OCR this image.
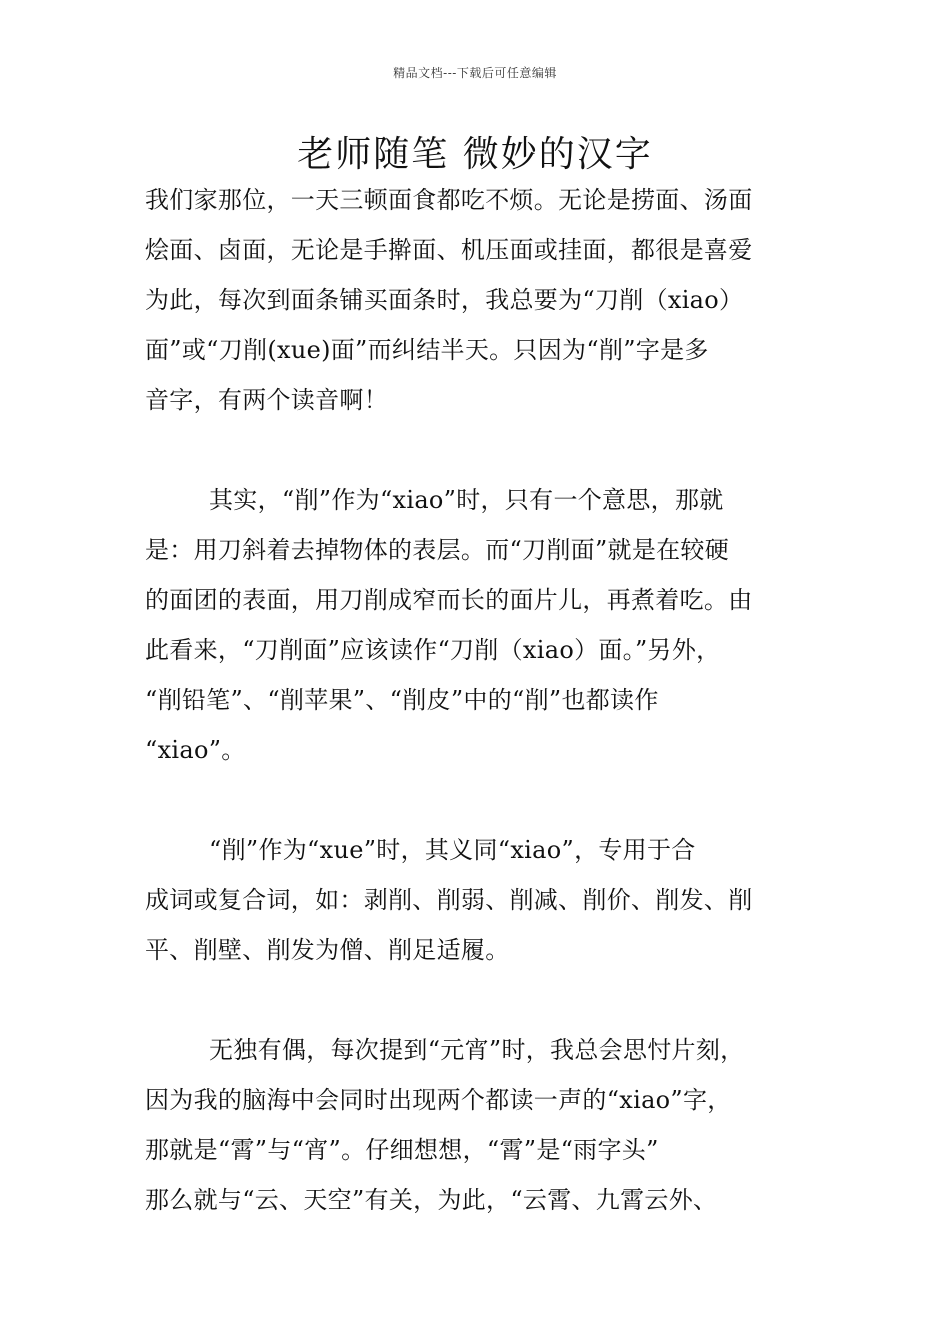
精品文档---下载后可任意编辑
老师随笔 微妙的汉字
我们家那位，一天三顿面食都吃不烦。无论是捞面、汤面
烩面、卤面，无论是手擀面、机压面或挂面，都很是喜爱
为此，每次到面条铺买面条时，我总要为“刀削（xiao）
面”或“刀削(xue)面”而纠结半天。只因为“削”字是多
音字，有两个读音啊！
其实，“削”作为“xiao”时，只有一个意思，那就
是：用刀斜着去掉物体的表层。而“刀削面”就是在较硬
的面团的表面，用刀削成窄而长的面片儿，再煮着吃。由
此看来，“刀削面”应该读作“刀削（xiao）面。”另外，
“削铅笔”、“削苹果”、“削皮”中的“削”也都读作
“xiao”。
“削”作为“xue”时，其义同“xiao”，专用于合
成词或复合词，如：剥削、削弱、削减、削价、削发、削
平、削壁、削发为僧、削足适履。
无独有偶，每次提到“元宵”时，我总会思忖片刻，
因为我的脑海中会同时出现两个都读一声的“xiao”字，
那就是“霄”与“宵”。仔细想想，“霄”是“雨字头”
那么就与“云、天空”有关，为此，“云霄、九霄云外、
